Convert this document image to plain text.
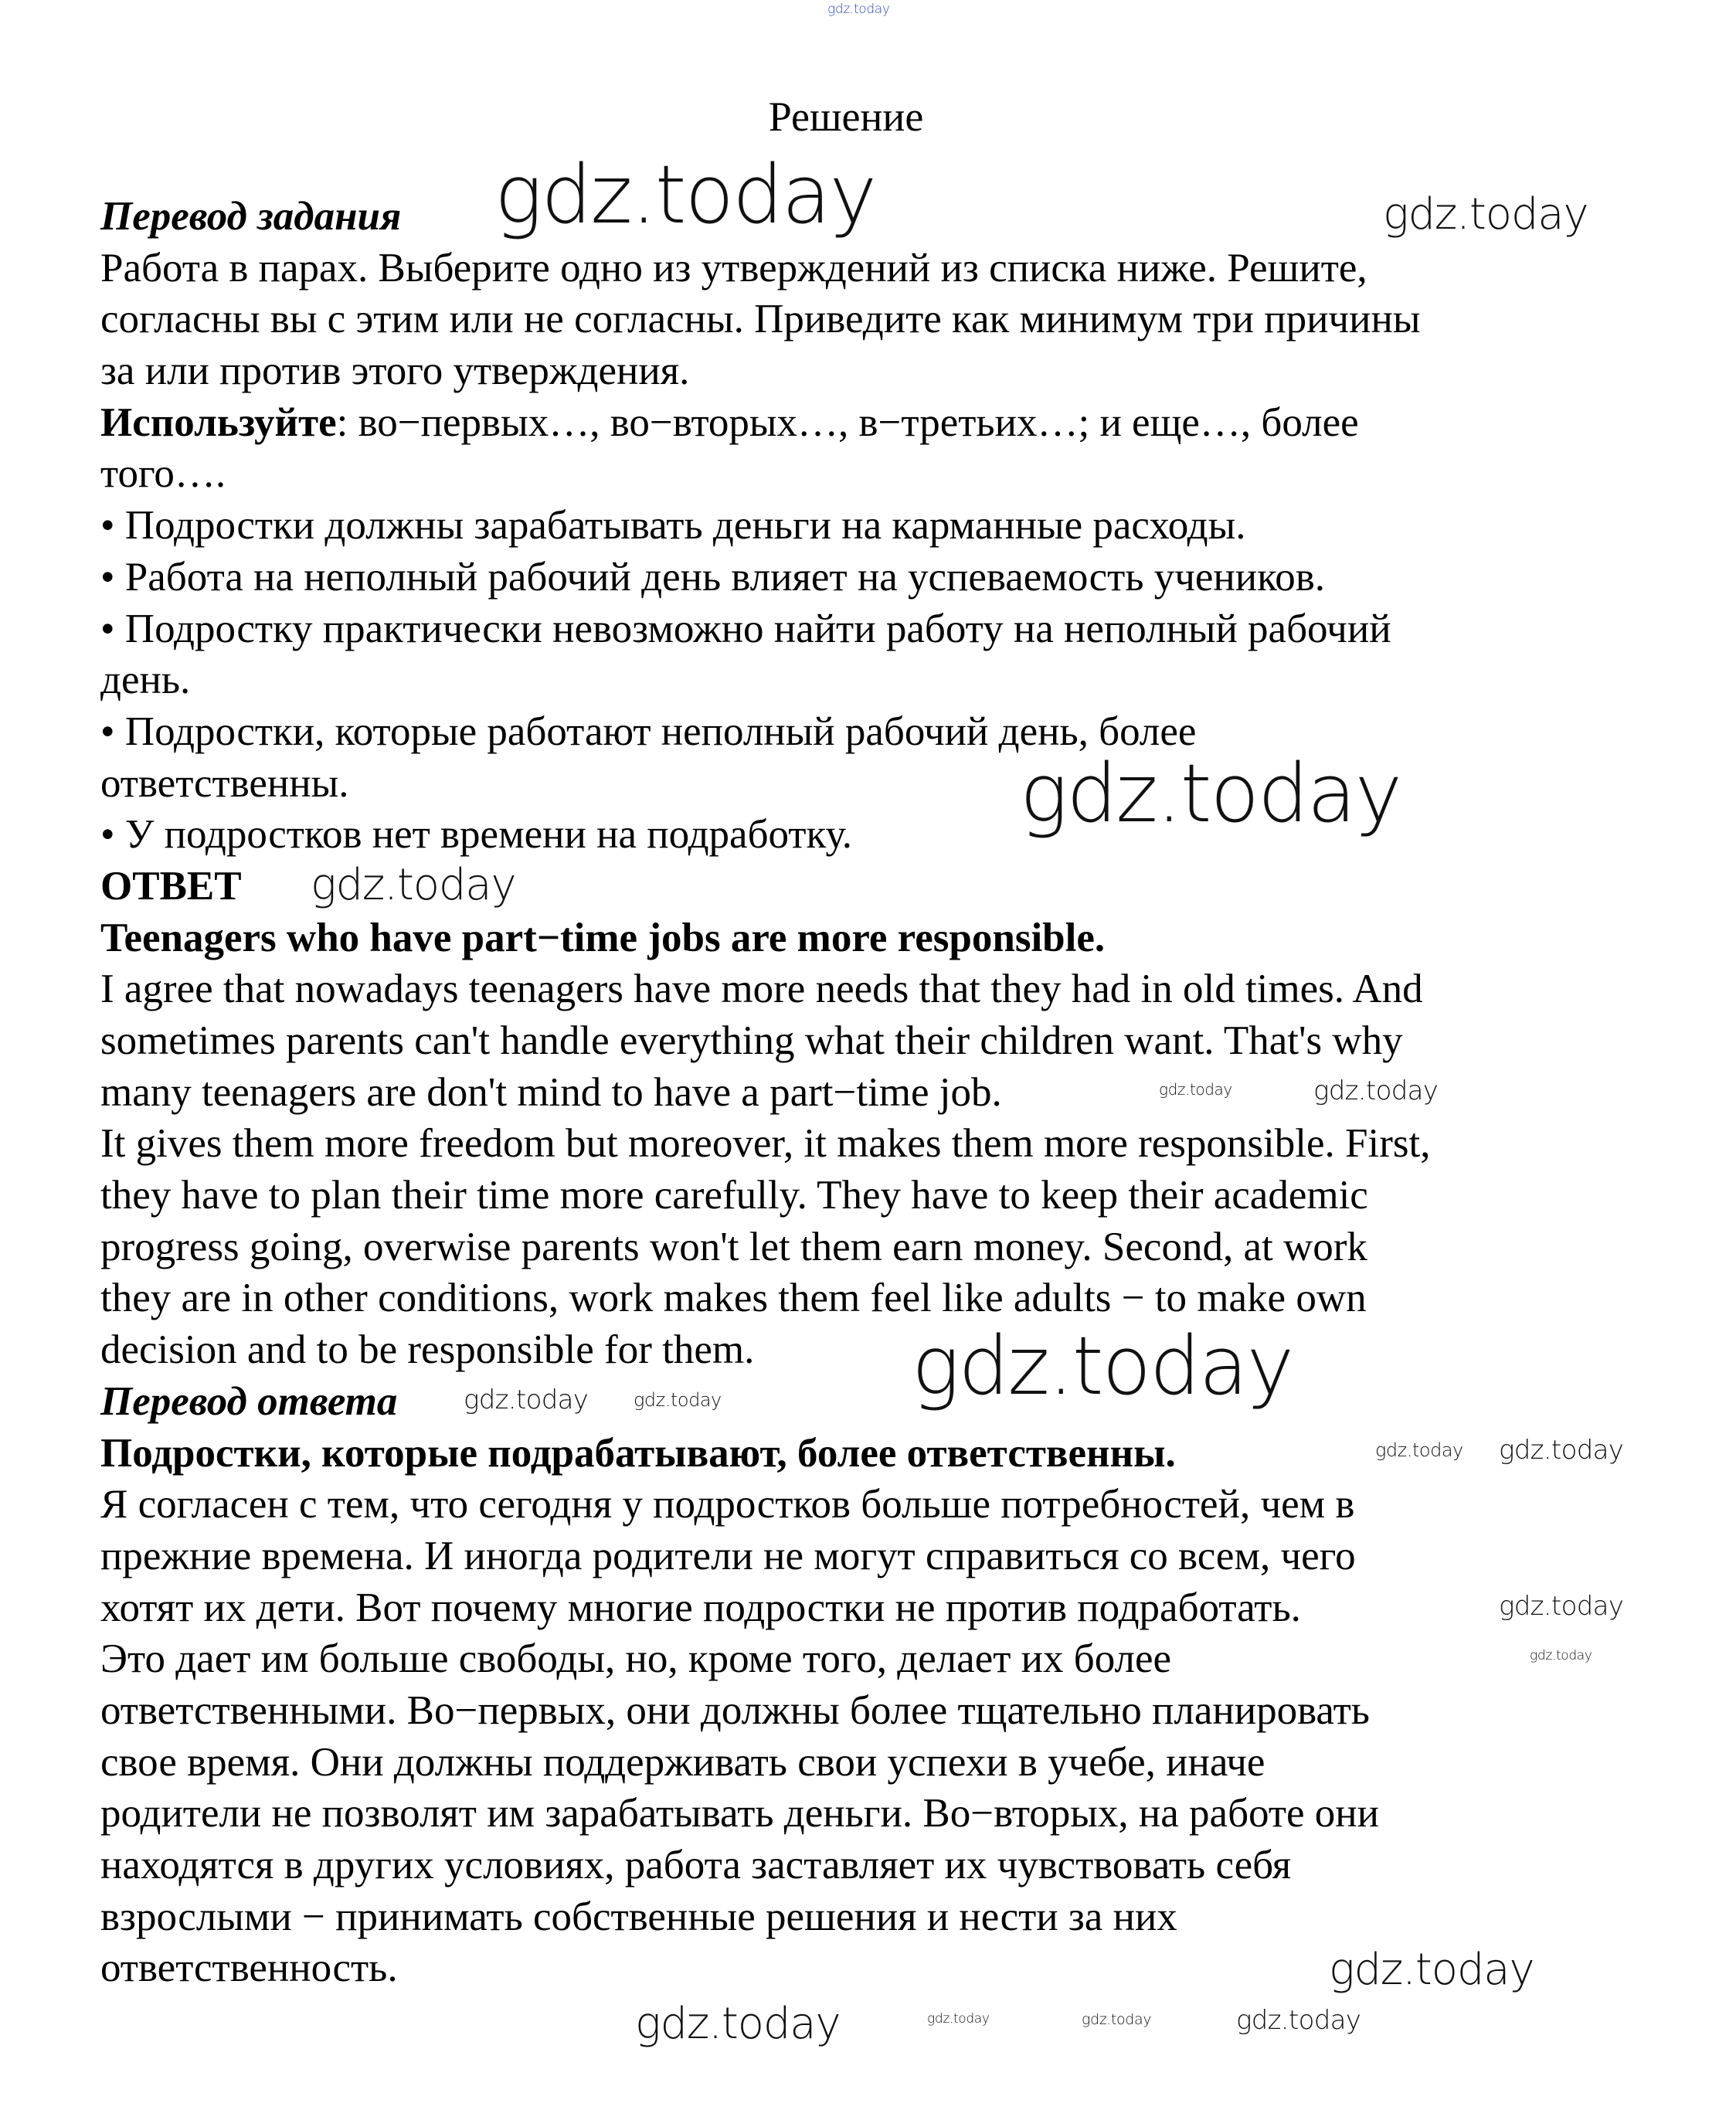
Решение
Перевод задания
Работа в парах. Выберите одно из утверждений из списка ниже. Решите,
согласны вы с этим или не согласны. Приведите как минимум три причины
за или против этого утверждения.
Используйте: во−первых…, во−вторых…, в−третьих…; и еще…, более
того….
• Подростки должны зарабатывать деньги на карманные расходы.
• Работа на неполный рабочий день влияет на успеваемость учеников.
• Подростку практически невозможно найти работу на неполный рабочий
день.
• Подростки, которые работают неполный рабочий день, более
ответственны.
• У подростков нет времени на подработку.
ОТВЕТ
Teenagers who have part−time jobs are more responsible.
I agree that nowadays teenagers have more needs that they had in old times. And
sometimes parents can't handle everything what their children want. That's why
many teenagers are don't mind to have a part−time job.
It gives them more freedom but moreover, it makes them more responsible. First,
they have to plan their time more carefully. They have to keep their academic
progress going, overwise parents won't let them earn money. Second, at work
they are in other conditions, work makes them feel like adults − to make own
decision and to be responsible for them.
Перевод ответа
Подростки, которые подрабатывают, более ответственны.
Я согласен с тем, что сегодня у подростков больше потребностей, чем в
прежние времена. И иногда родители не могут справиться со всем, чего
хотят их дети. Вот почему многие подростки не против подработать.
Это дает им больше свободы, но, кроме того, делает их более
ответственными. Во−первых, они должны более тщательно планировать
свое время. Они должны поддерживать свои успехи в учебе, иначе
родители не позволят им зарабатывать деньги. Во−вторых, на работе они
находятся в других условиях, работа заставляет их чувствовать себя
взрослыми − принимать собственные решения и нести за них
ответственность.
gdz.today
gdz.today	gdz.today
gdz.today
gdz.today
gdz.today
gdz.today
gdz.today
gdz.today
gdz.today
gdz.today
gdz.today
gdz.today gdz.today
gdz.today	gdz.today
gdz.today
gdz.today
gdz.today
